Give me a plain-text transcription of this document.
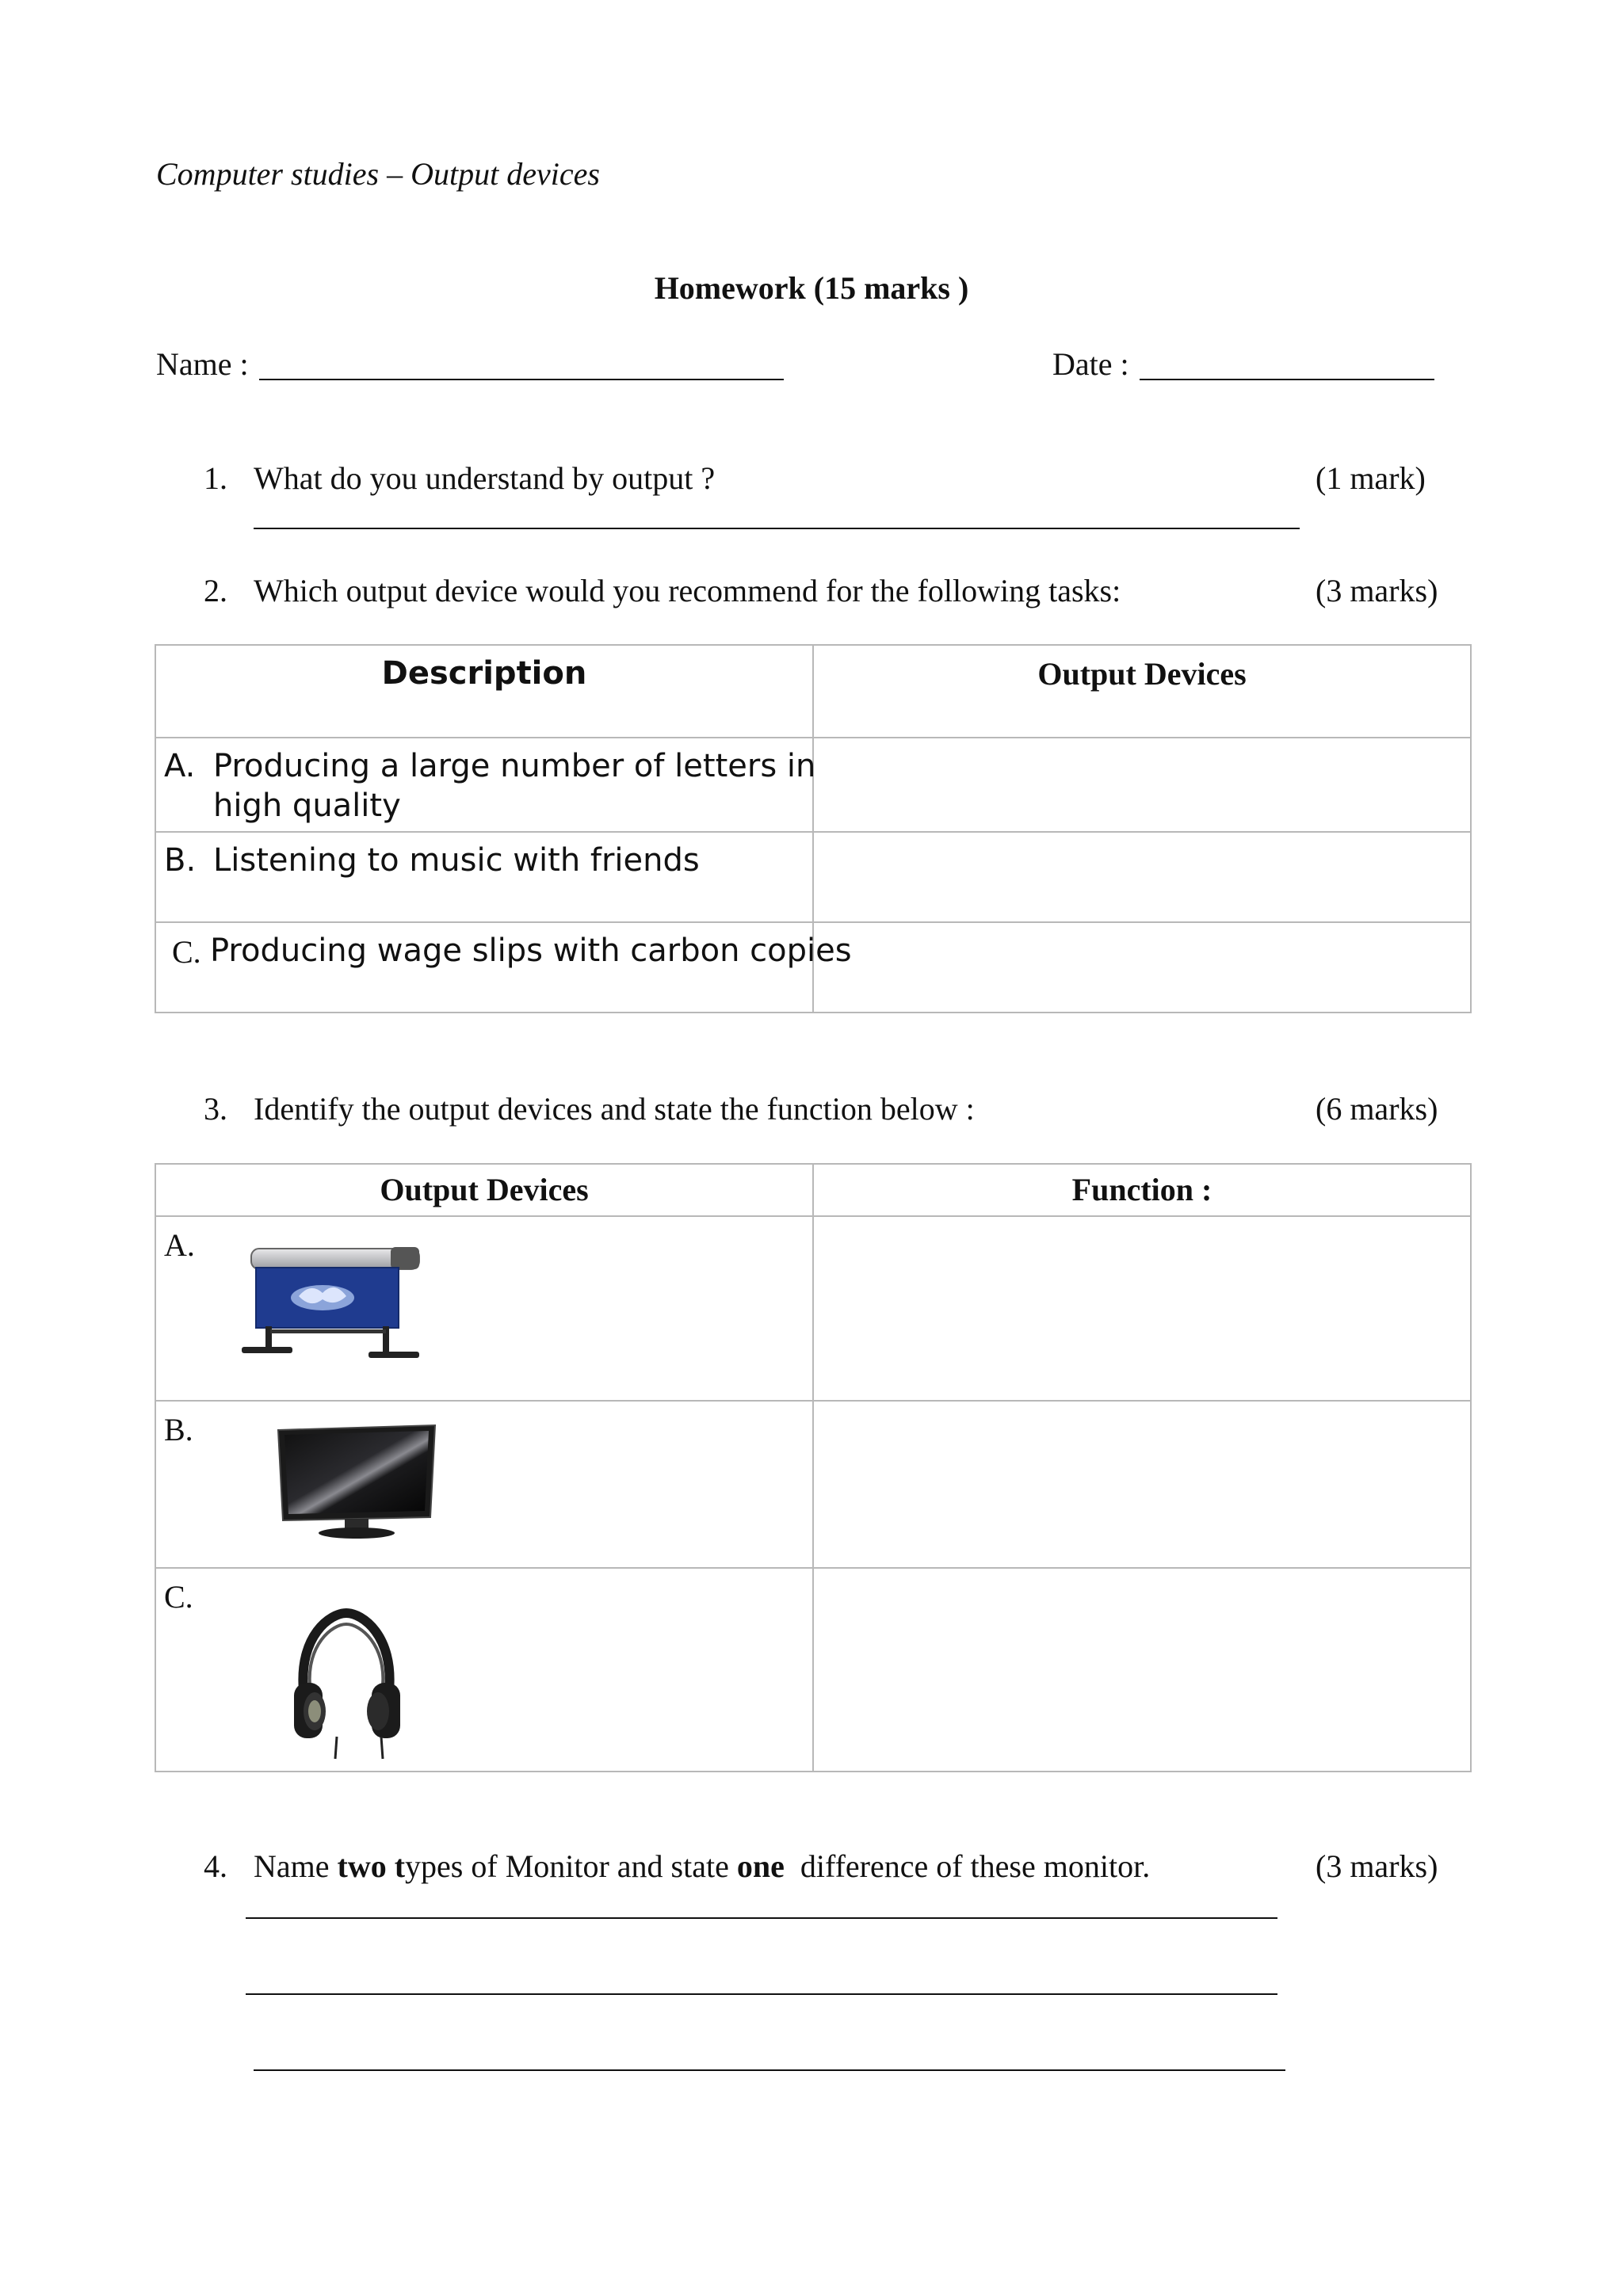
Computer studies – Output devices
Homework (15 marks )
Name :	Date :
1. What do you understand by output ?	(1 mark)
2. Which output device would you recommend for the following tasks:	(3 marks)
Description	Output Devices

A. Producing a large number of letters in
high quality	

B. Listening to music with friends	

C. Producing wage slips with carbon copies	

3. Identify the output devices and state the function below :	(6 marks)
Output Devices	Function :

A.	

B.	

C.	

4. Name two types of Monitor and state one  difference of these monitor.	(3 marks)
